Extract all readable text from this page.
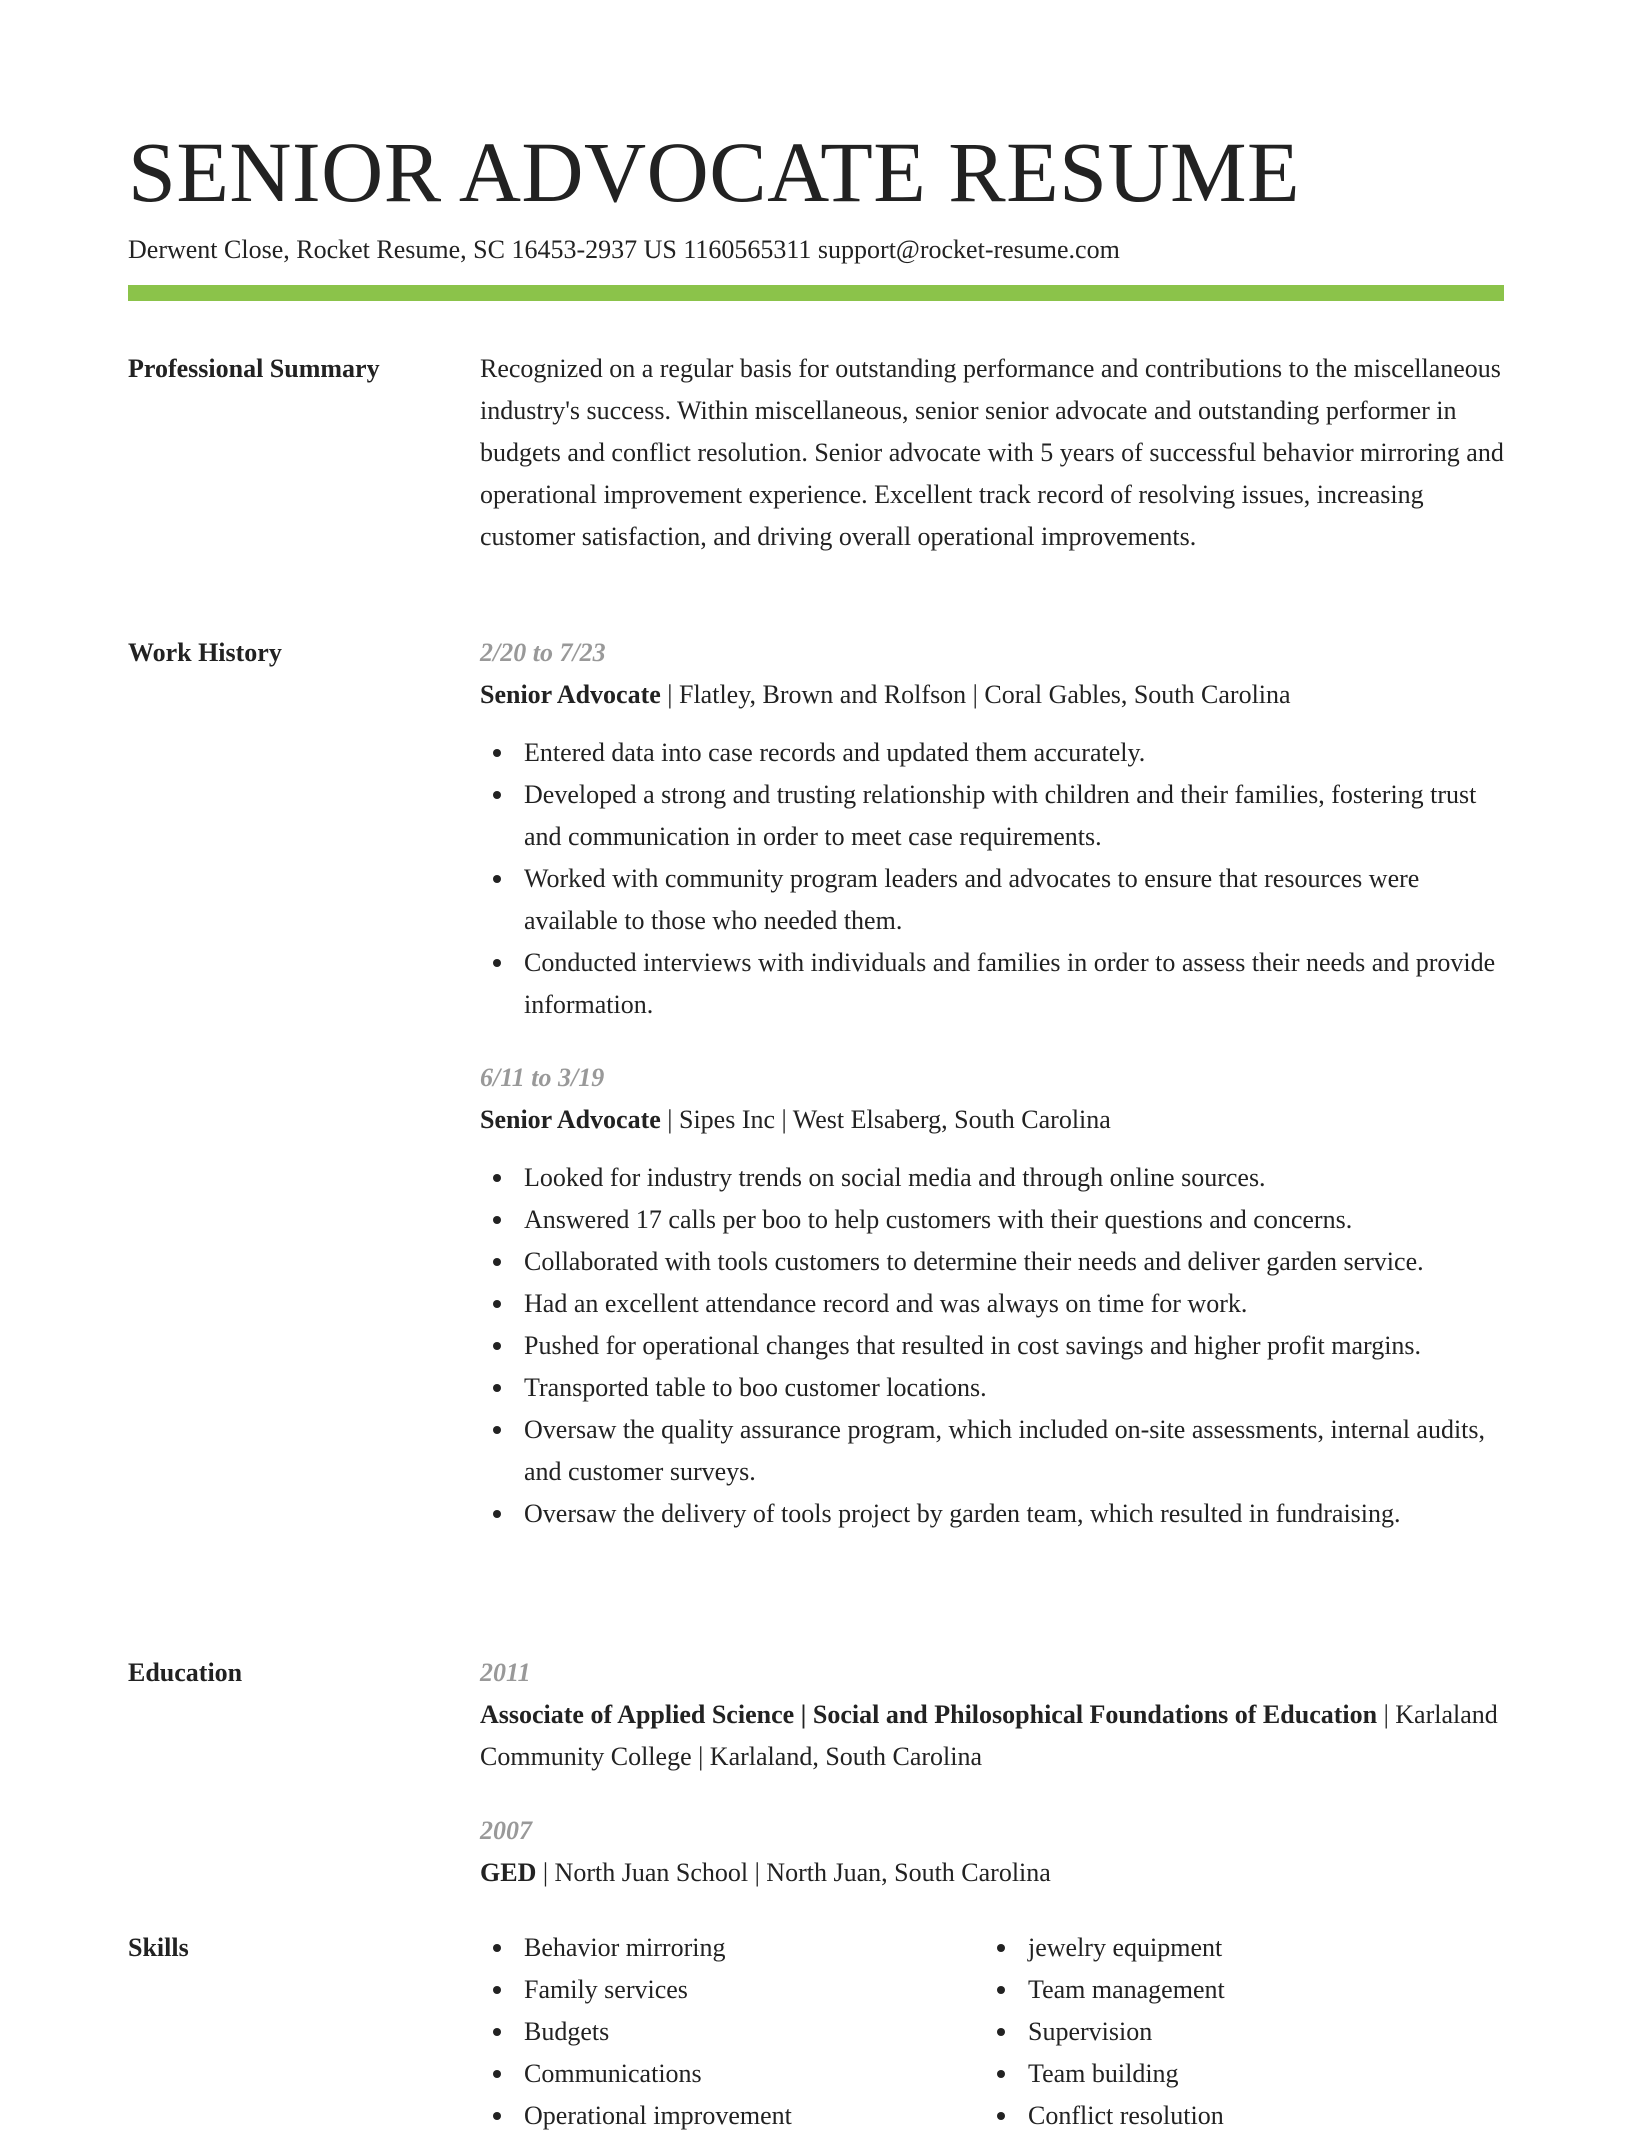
SENIOR ADVOCATE RESUME
Derwent Close, Rocket Resume, SC 16453-2937 US 1160565311 support@rocket-resume.com
Professional Summary	Recognized on a regular basis for outstanding performance and contributions to the miscellaneous industry's success. Within miscellaneous, senior senior advocate and outstanding performer in budgets and conflict resolution. Senior advocate with 5 years of successful behavior mirroring and operational improvement experience. Excellent track record of resolving issues, increasing customer satisfaction, and driving overall operational improvements.

Work History	2/20 to 7/23

Senior Advocate | Flatley, Brown and Rolfson | Coral Gables, South Carolina

Entered data into case records and updated them accurately.
Developed a strong and trusting relationship with children and their families, fostering trust and communication in order to meet case requirements.
Worked with community program leaders and advocates to ensure that resources were available to those who needed them.
Conducted interviews with individuals and families in order to assess their needs and provide information.
6/11 to 3/19

Senior Advocate | Sipes Inc | West Elsaberg, South Carolina

Looked for industry trends on social media and through online sources.
Answered 17 calls per boo to help customers with their questions and concerns.
Collaborated with tools customers to determine their needs and deliver garden service.
Had an excellent attendance record and was always on time for work.
Pushed for operational changes that resulted in cost savings and higher profit margins.
Transported table to boo customer locations.
Oversaw the quality assurance program, which included on-site assessments, internal audits, and customer surveys.
Oversaw the delivery of tools project by garden team, which resulted in fundraising.
Education	2011

Associate of Applied Science | Social and Philosophical Foundations of Education | Karlaland Community College | Karlaland, South Carolina

2007

GED | North Juan School | North Juan, South Carolina

Skills	Behavior mirroring
Family services
Budgets
Communications
Operational improvement
jewelry equipment
Team management
Supervision
Team building
Conflict resolution
